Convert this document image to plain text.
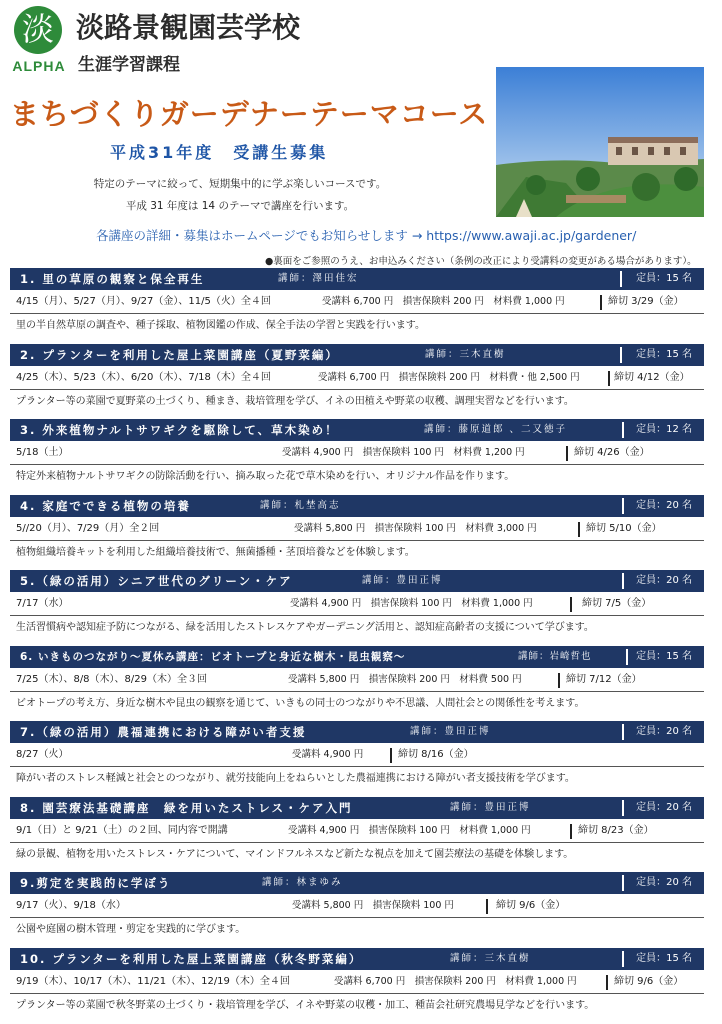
淡
ALPHA
淡路景観園芸学校
生涯学習課程
まちづくりガーデナーテーマコース
平成31年度　受講生募集
特定のテーマに絞って、短期集中的に学ぶ楽しいコースです。
平成 31 年度は 14 のテーマで講座を行います。
各講座の詳細・募集はホームページでもお知らせします → https://www.awaji.ac.jp/gardener/
●裏面をご参照のうえ、お申込みください（条例の改正により受講料の変更がある場合があります）。
1. 里の草原の観察と保全再生	講師：澤田佳宏	定員：15 名
4/15（月）、5/27（月）、9/27（金）、11/5（火）全４回	受講料 6,700 円　損害保険料 200 円　材料費 1,000 円	締切 3/29（金）
里の半自然草原の調査や、種子採取、植物図鑑の作成、保全手法の学習と実践を行います。
2. プランターを利用した屋上菜園講座（夏野菜編）	講師：三木直樹	定員：15 名
4/25（木）、5/23（木）、6/20（木）、7/18（木）全４回	受講料 6,700 円　損害保険料 200 円　材料費・他 2,500 円	締切 4/12（金）
プランター等の菜園で夏野菜の土づくり、種まき、栽培管理を学び、イネの田植えや野菜の収穫、調理実習などを行います。
3. 外来植物ナルトサワギクを駆除して、草木染め！	講師：藤原道郎 、二又徳子	定員：12 名
5/18（土）	受講料 4,900 円　損害保険料 100 円　材料費 1,200 円	締切 4/26（金）
特定外来植物ナルトサワギクの防除活動を行い、摘み取った花で草木染めを行い、オリジナル作品を作ります。
4. 家庭でできる植物の培養	講師：札埜高志	定員：20 名
5//20（月）、7/29（月）全２回	受講料 5,800 円　損害保険料 100 円　材料費 3,000 円	締切 5/10（金）
植物組織培養キットを利用した組織培養技術で、無菌播種・茎頂培養などを体験します。
5.（緑の活用）シニア世代のグリーン・ケア	講師：豊田正博	定員：20 名
7/17（水）	受講料 4,900 円　損害保険料 100 円　材料費 1,000 円	締切 7/5（金）
生活習慣病や認知症予防につながる、緑を活用したストレスケアやガーデニング活用と、認知症高齢者の支援について学びます。
6. いきものつながり～夏休み講座：ビオトープと身近な樹木・昆虫観察～	講師：岩崎哲也	定員：15 名
7/25（木）、8/8（木）、8/29（木）全３回	受講料 5,800 円　損害保険料 200 円　材料費 500 円	締切 7/12（金）
ビオトープの考え方、身近な樹木や昆虫の観察を通じて、いきもの同士のつながりや不思議、人間社会との関係性を考えます。
7.（緑の活用）農福連携における障がい者支援	講師：豊田正博	定員：20 名
8/27（火）	受講料 4,900 円	締切 8/16（金）
障がい者のストレス軽減と社会とのつながり、就労技能向上をねらいとした農福連携における障がい者支援技術を学びます。
8. 園芸療法基礎講座　緑を用いたストレス・ケア入門	講師：豊田正博	定員：20 名
9/1（日）と 9/21（土）の２回、同内容で開講	受講料 4,900 円　損害保険料 100 円　材料費 1,000 円	締切 8/23（金）
緑の景観、植物を用いたストレス・ケアについて、マインドフルネスなど新たな視点を加えて園芸療法の基礎を体験します。
9.剪定を実践的に学ぼう	講師：林まゆみ	定員：20 名
9/17（火）、9/18（水）	受講料 5,800 円　損害保険料 100 円	締切 9/6（金）
公園や庭園の樹木管理・剪定を実践的に学びます。
10. プランターを利用した屋上菜園講座（秋冬野菜編）	講師：三木直樹	定員：15 名
9/19（木）、10/17（木）、11/21（木）、12/19（木）全４回	受講料 6,700 円　損害保険料 200 円　材料費 1,000 円	締切 9/6（金）
プランター等の菜園で秋冬野菜の土づくり・栽培管理を学び、イネや野菜の収穫・加工、種苗会社研究農場見学などを行います。
